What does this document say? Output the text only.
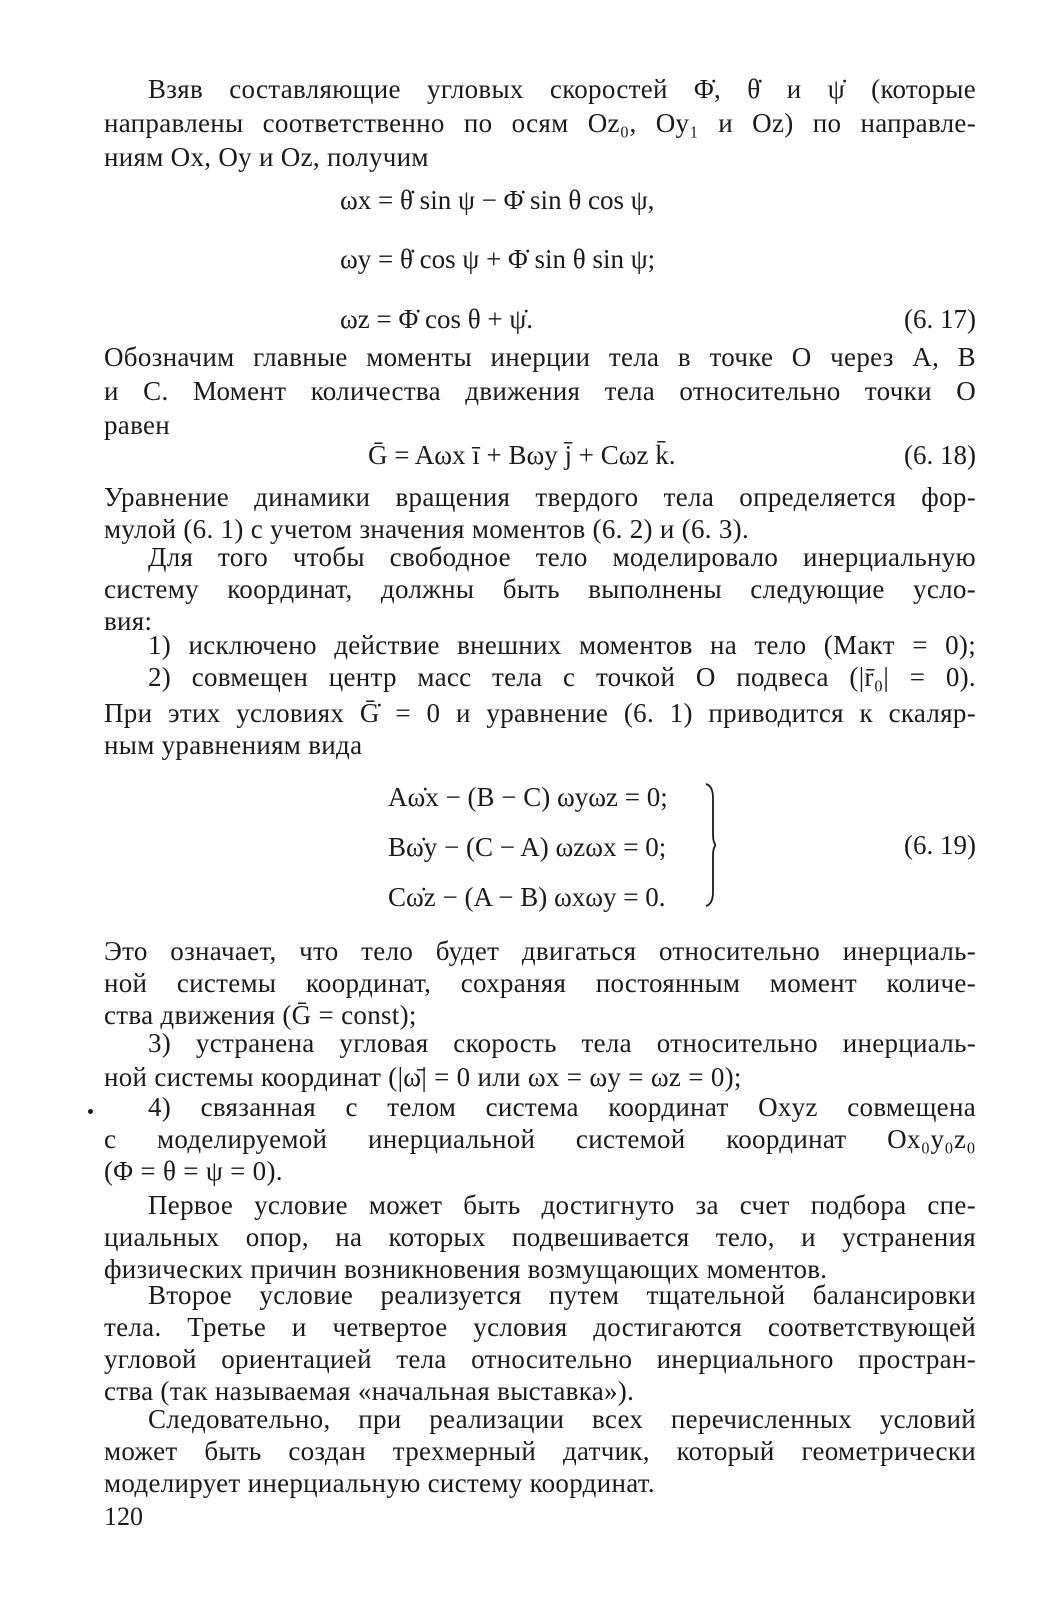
Взяв составляющие угловых скоростей Φ̇, θ̇ и ψ̇ (которые
направлены соответственно по осям Oz₀, Oy₁ и Oz) по направле-
ниям Ox, Oy и Oz, получим
ωx = θ̇ sin ψ − Φ̇ sin θ cos ψ,
ωy = θ̇ cos ψ + Φ̇ sin θ sin ψ;
ωz = Φ̇ cos θ + ψ̇.	(6. 17)
Обозначим главные моменты инерции тела в точке O через A, B
и C. Момент количества движения тела относительно точки O
равен
Ḡ = Aωx ī + Bωy j̄ + Cωz k̄.	(6. 18)
Уравнение динамики вращения твердого тела определяется фор-
мулой (6. 1) с учетом значения моментов (6. 2) и (6. 3).
Для того чтобы свободное тело моделировало инерциальную
систему координат, должны быть выполнены следующие усло-
вия:
1) исключено действие внешних моментов на тело (Mакт = 0);
2) совмещен центр масс тела с точкой O подвеса (|r̄₀| = 0).
При этих условиях Ḡ̇ = 0 и уравнение (6. 1) приводится к скаляр-
ным уравнениям вида
Aω̇x − (B − C) ωyωz = 0;
Bω̇y − (C − A) ωzωx = 0;
Cω̇z − (A − B) ωxωy = 0.
(6. 19)
Это означает, что тело будет двигаться относительно инерциаль-
ной системы координат, сохраняя постоянным момент количе-
ства движения (Ḡ = const);
3) устранена угловая скорость тела относительно инерциаль-
ной системы координат (|ω̄| = 0 или ωx = ωy = ωz = 0);
4) связанная с телом система координат Oxyz совмещена
с моделируемой инерциальной системой координат Ox₀y₀z₀
(Φ = θ = ψ = 0).
Первое условие может быть достигнуто за счет подбора спе-
циальных опор, на которых подвешивается тело, и устранения
физических причин возникновения возмущающих моментов.
Второе условие реализуется путем тщательной балансировки
тела. Третье и четвертое условия достигаются соответствующей
угловой ориентацией тела относительно инерциального простран-
ства (так называемая «начальная выставка»).
Следовательно, при реализации всех перечисленных условий
может быть создан трехмерный датчик, который геометрически
моделирует инерциальную систему координат.
120
